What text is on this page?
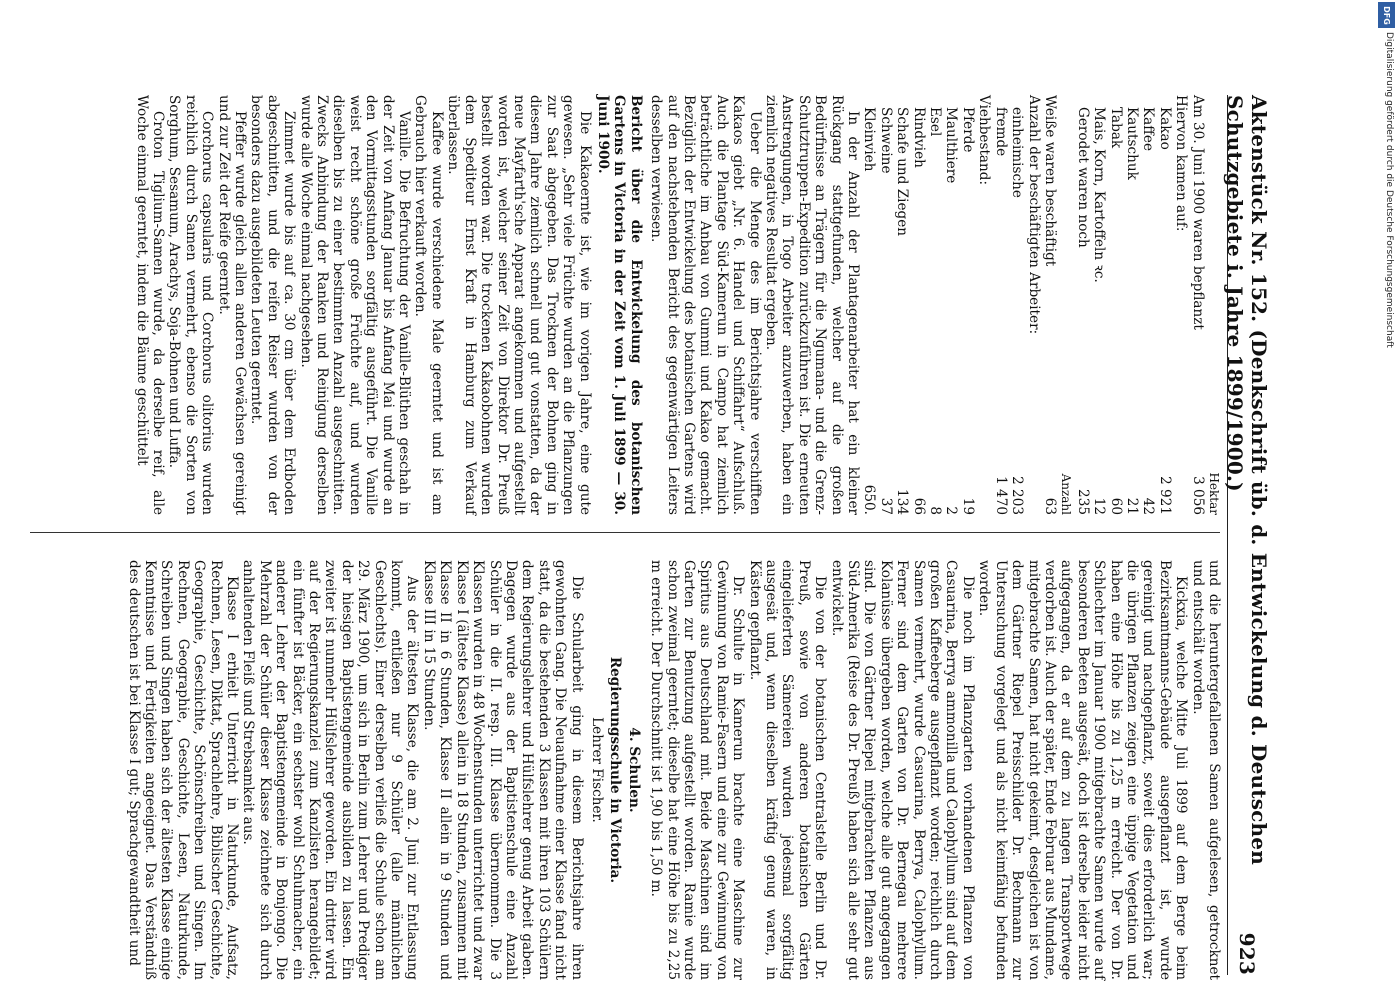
Aktenstück Nr. 152. (Denkschrift üb. d. Entwickelung d. Deutschen Schutzgebiete i. Jahre 1899/1900.)
923
	Hektar
Am 30. Juni 1900 waren bepflanzt	3 056
Hiervon kamen auf:	
Kakao	2 921
Kaffee	42
Kautschuk	21
Tabak	60
Mais, Korn, Kartoffeln ꝛc.	12
Gerodet waren noch	235
	Anzahl
Weiße waren beschäftigt	63
Anzahl der beschäftigten Arbeiter:	
einheimische	2 203
fremde	1 470
Viehbestand:	
Pferde	19
Maulthiere	2
Esel	8
Rindvieh	66
Schafe und Ziegen	134
Schweine	37
Kleinvieh	650.

In der Anzahl der Plantagenarbeiter hat ein kleiner Rückgang stattgefunden, welcher auf die großen Bedürfnisse an Trägern für die Ngumana- und die Grenz-Schutztruppen-Expedition zurückzuführen ist. Die erneuten Anstrengungen, in Togo Arbeiter anzuwerben, haben ein ziemlich negatives Resultat ergeben.

Ueber die Menge des im Berichtsjahre verschifften Kakaos giebt „Nr. 6. Handel und Schiffahrt“ Aufschluß. Auch die Plantage Süd-Kamerun in Campo hat ziemlich beträchtliche im Anbau von Gummi und Kakao gemacht. Bezüglich der Entwickelung des botanischen Gartens wird auf den nachstehenden Bericht des gegenwärtigen Leiters desselben verwiesen.

Bericht über die Entwickelung des botanischen Gartens in Victoria in der Zeit vom 1. Juli 1899 — 30. Juni 1900.

Die Kakaoernte ist, wie im vorigen Jahre, eine gute gewesen. „Sehr viele Früchte wurden an die Pflanzungen zur Saat abgegeben. Das Trocknen der Bohnen ging in diesem Jahre ziemlich schnell und gut vonstatten, da der neue Mayfarth'sche Apparat angekommen und aufgestellt worden ist, welcher seiner Zeit von Direktor Dr. Preuß bestellt worden war. Die trockenen Kakaobohnen wurden dem Spediteur Ernst Kraft in Hamburg zum Verkauf überlassen.

Kaffee wurde verschiedene Male geerntet und ist am Gebrauch hier verkauft worden.

Vanille. Die Befruchtung der Vanille-Blüthen geschah in der Zeit von Anfang Januar bis Anfang Mai und wurde an den Vormittagsstunden sorgfältig ausgeführt. Die Vanille weist recht schöne große Früchte auf, und wurden dieselben bis zu einer bestimmten Anzahl ausgeschnitten. Zwecks Anbindung der Ranken und Reinigung derselben wurde alle Woche einmal nachgesehen.

Zimmet wurde bis auf ca. 30 cm über dem Erdboden abgeschnitten, und die reifen Reiser wurden von der besonders dazu ausgebildeten Leuten geerntet.

Pfeffer wurde gleich allen anderen Gewächsen gereinigt und zur Zeit der Reife geerntet.

Corchorus capsularis und Corchorus olitorius wurden reichlich durch Samen vermehrt, ebenso die Sorten von Sorghum, Sesamum, Arachys, Soja-Bohnen und Luffa.

Croton Tiglium-Samen wurde, da derselbe reif, alle Woche einmal geerntet, indem die Bäume geschüttelt

und die heruntergefallenen Samen aufgelesen, getrocknet und entschält worden.

Kickxia, welche Mitte Juli 1899 auf dem Berge beim Bezirksamtmanns-Gebäude ausgepflanzt ist, wurde gereinigt und nachgepflanzt, soweit dies erforderlich war; die übrigen Pflanzen zeigen eine üppige Vegetation und haben eine Höhe bis zu 1,25 m erreicht. Der von Dr. Schlechter im Januar 1900 mitgebrachte Samen wurde auf besonderen Beeten ausgesät, doch ist derselbe leider nicht aufgegangen, da er auf dem zu langen Transportwege verdorben ist. Auch der später, Ende Februar aus Mundame, mitgebrachte Samen, hat nicht gekeimt, desgleichen ist von dem Gärtner Riepel Preisschilder Dr. Bechmann zur Untersuchung vorgelegt und als nicht keimfähig befunden worden.

Die noch im Pflanzgarten vorhandenen Pflanzen von Casuarina, Berrya ammonilla und Calophyllum sind auf dem großen Kaffeeberge ausgepflanzt worden; reichlich durch Samen vermehrt, wurde Casuarina, Berrya, Calophyllum. Ferner sind dem Garten von Dr. Bernegau mehrere Kolanüsse übergeben worden, welche alle gut angegangen sind. Die von Gärtner Riepel mitgebrachten Pflanzen aus Süd-Amerika (Reise des Dr. Preuß) haben sich alle sehr gut entwickelt.

Die von der botanischen Centralstelle Berlin und Dr. Preuß, sowie von anderen botanischen Gärten eingelieferten Sämereien wurden jedesmal sorgfältig ausgesät und, wenn dieselben kräftig genug waren, in Kästen gepflanzt.

Dr. Schulte in Kamerun brachte eine Maschine zur Gewinnung von Ramie-Fasern und eine zur Gewinnung von Spiritus aus Deutschland mit. Beide Maschinen sind im Garten zur Benutzung aufgestellt worden. Ramie wurde schon zweimal geerntet; dieselbe hat eine Höhe bis zu 2,25 m erreicht. Der Durchschnitt ist 1,90 bis 1,50 m.

4. Schulen.
Regierungsschule in Victoria.
Lehrer Fischer.

Die Schularbeit ging in diesem Berichtsjahre ihren gewohnten Gang. Die Neuaufnahme einer Klasse fand nicht statt, da die bestehenden 3 Klassen mit ihren 103 Schülern dem Regierungslehrer und Hülfslehrer genug Arbeit gaben. Dagegen wurde aus der Baptistenschule eine Anzahl Schüler in die II. resp. III. Klasse übernommen. Die 3 Klassen wurden in 48 Wochenstunden unterrichtet und zwar Klasse I (älteste Klasse) allein in 18 Stunden, zusammen mit Klasse II in 6 Stunden, Klasse II allein in 9 Stunden und Klasse III in 15 Stunden.

Aus der ältesten Klasse, die am 2. Juni zur Entlassung kommt, entließen nur 9 Schüler (alle männlichen Geschlechts). Einer derselben verließ die Schule schon am 29. März 1900, um sich in Berlin zum Lehrer und Prediger der hiesigen Baptistengemeinde ausbilden zu lassen. Ein zweiter ist nunmehr Hülfslehrer geworden. Ein dritter wird auf der Regierungskanzlei zum Kanzlisten herangebildet; ein fünfter ist Bäcker, ein sechster wohl Schuhmacher, ein anderer Lehrer der Baptistengemeinde in Bonjongo. Die Mehrzahl der Schüler dieser Klasse zeichnete sich durch anhaltenden Fleiß und Strebsamkeit aus.

Klasse I erhielt Unterricht in Naturkunde, Aufsatz, Rechnen, Lesen, Diktat, Sprachlehre, Biblischer Geschichte, Geographie, Geschichte, Schönschreiben und Singen. Im Rechnen, Geographie, Geschichte, Lesen, Naturkunde, Schreiben und Singen haben sich der ältesten Klasse einige Kenntnisse und Fertigkeiten angeeignet. Das Verständniß des deutschen ist bei Klasse I gut; Sprachgewandtheit und

DFG
Digitalisierung gefördert durch die Deutsche Forschungsgemeinschaft
